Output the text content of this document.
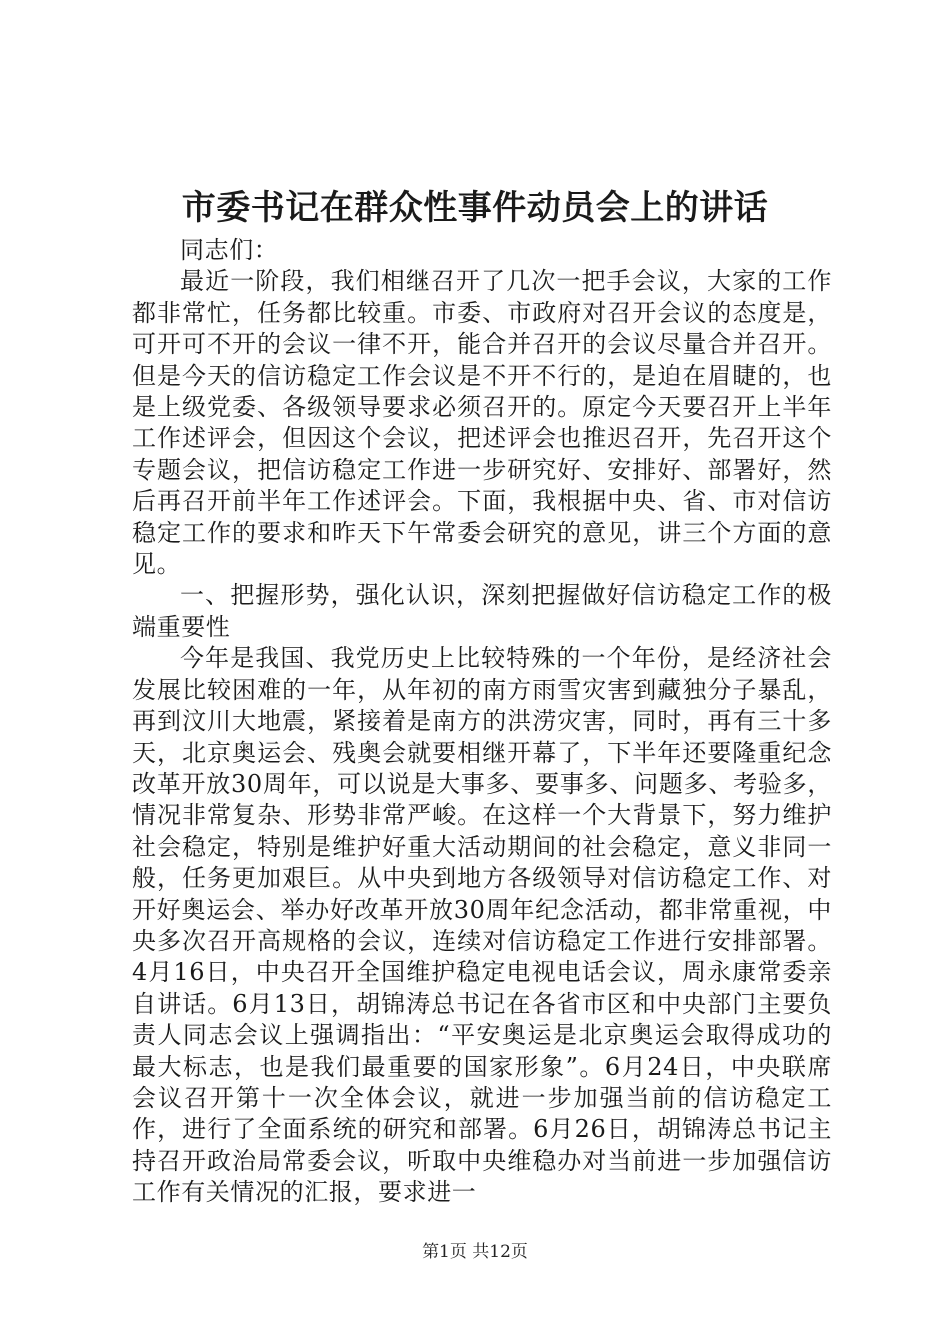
市委书记在群众性事件动员会上的讲话

同志们：

最近一阶段，我们相继召开了几次一把手会议，大家的工作都非常忙，任务都比较重。市委、市政府对召开会议的态度是，可开可不开的会议一律不开，能合并召开的会议尽量合并召开。但是今天的信访稳定工作会议是不开不行的，是迫在眉睫的，也是上级党委、各级领导要求必须召开的。原定今天要召开上半年工作述评会，但因这个会议，把述评会也推迟召开，先召开这个专题会议，把信访稳定工作进一步研究好、安排好、部署好，然后再召开前半年工作述评会。下面，我根据中央、省、市对信访稳定工作的要求和昨天下午常委会研究的意见，讲三个方面的意见。

一、把握形势，强化认识，深刻把握做好信访稳定工作的极端重要性

今年是我国、我党历史上比较特殊的一个年份，是经济社会发展比较困难的一年，从年初的南方雨雪灾害到藏独分子暴乱，再到汶川大地震，紧接着是南方的洪涝灾害，同时，再有三十多天，北京奥运会、残奥会就要相继开幕了，下半年还要隆重纪念改革开放30周年，可以说是大事多、要事多、问题多、考验多，情况非常复杂、形势非常严峻。在这样一个大背景下，努力维护社会稳定，特别是维护好重大活动期间的社会稳定，意义非同一般，任务更加艰巨。从中央到地方各级领导对信访稳定工作、对开好奥运会、举办好改革开放30周年纪念活动，都非常重视，中央多次召开高规格的会议，连续对信访稳定工作进行安排部署。4月16日，中央召开全国维护稳定电视电话会议，周永康常委亲自讲话。6月13日，胡锦涛总书记在各省市区和中央部门主要负责人同志会议上强调指出：“平安奥运是北京奥运会取得成功的最大标志，也是我们最重要的国家形象”。6月24日，中央联席会议召开第十一次全体会议，就进一步加强当前的信访稳定工作，进行了全面系统的研究和部署。6月26日，胡锦涛总书记主持召开政治局常委会议，听取中央维稳办对当前进一步加强信访工作有关情况的汇报，要求进一

第1页 共12页
